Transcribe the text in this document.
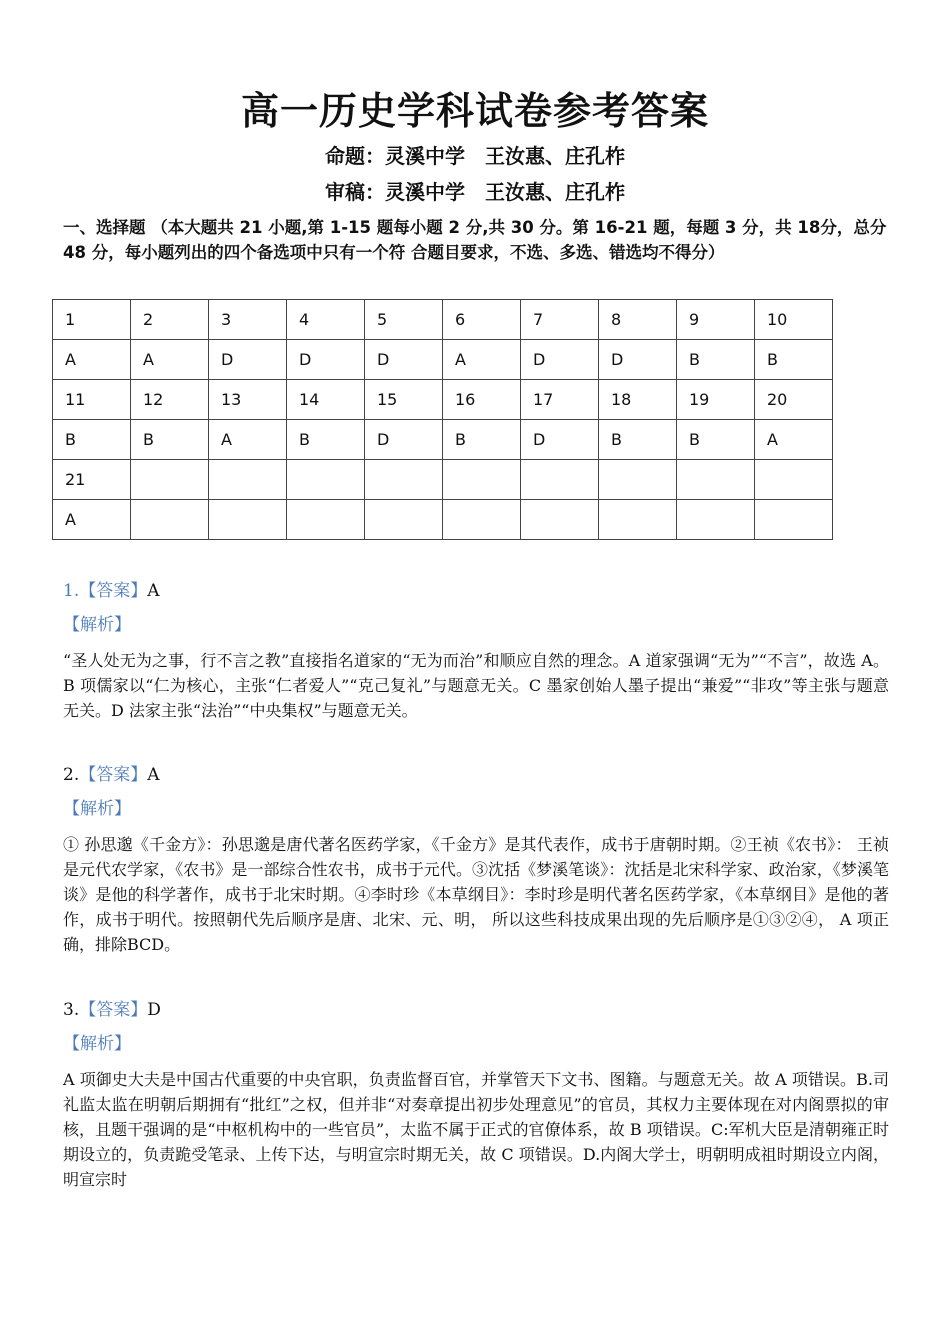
高一历史学科试卷参考答案
命题：灵溪中学　王汝惠、庄孔柞
审稿：灵溪中学　王汝惠、庄孔柞
一、选择题 （本大题共 21 小题,第 1-15 题每小题 2 分,共 30 分。第 16-21 题，每题 3 分，共 18分，总分 48 分，每小题列出的四个备选项中只有一个符 合题目要求，不选、多选、错选均不得分）
1	2	3	4	5	6	7	8	9	10
A	A	D	D	D	A	D	D	B	B
11	12	13	14	15	16	17	18	19	20
B	B	A	B	D	B	D	B	B	A
21									
A									
1.【答案】A
【解析】
“圣人处无为之事，行不言之教”直接指名道家的“无为而治”和顺应自然的理念。A 道家强调“无为”“不言”，故选 A。B 项儒家以“仁为核心，主张“仁者爱人”“克己复礼”与题意无关。C 墨家创始人墨子提出“兼爱”“非攻”等主张与题意无关。D 法家主张“法治”“中央集权”与题意无关。
2.【答案】A
【解析】
① 孙思邈《千金方》：孙思邈是唐代著名医药学家，《千金方》是其代表作，成书于唐朝时期。②王祯《农书》： 王祯是元代农学家，《农书》是一部综合性农书，成书于元代。③沈括《梦溪笔谈》：沈括是北宋科学家、政治家，《梦溪笔谈》是他的科学著作，成书于北宋时期。④李时珍《本草纲目》：李时珍是明代著名医药学家，《本草纲目》是他的著作，成书于明代。按照朝代先后顺序是唐、北宋、元、明， 所以这些科技成果出现的先后顺序是①③②④， A 项正确，排除BCD。
3.【答案】D
【解析】
A 项御史大夫是中国古代重要的中央官职，负责监督百官，并掌管天下文书、图籍。与题意无关。故 A 项错误。B.司礼监太监在明朝后期拥有“批红”之权，但并非“对奏章提出初步处理意见”的官员，其权力主要体现在对内阁票拟的审核，且题干强调的是“中枢机构中的一些官员”，太监不属于正式的官僚体系，故 B 项错误。C:军机大臣是清朝雍正时期设立的，负责跪受笔录、上传下达，与明宣宗时期无关，故 C 项错误。D.内阁大学士，明朝明成祖时期设立内阁，明宣宗时
